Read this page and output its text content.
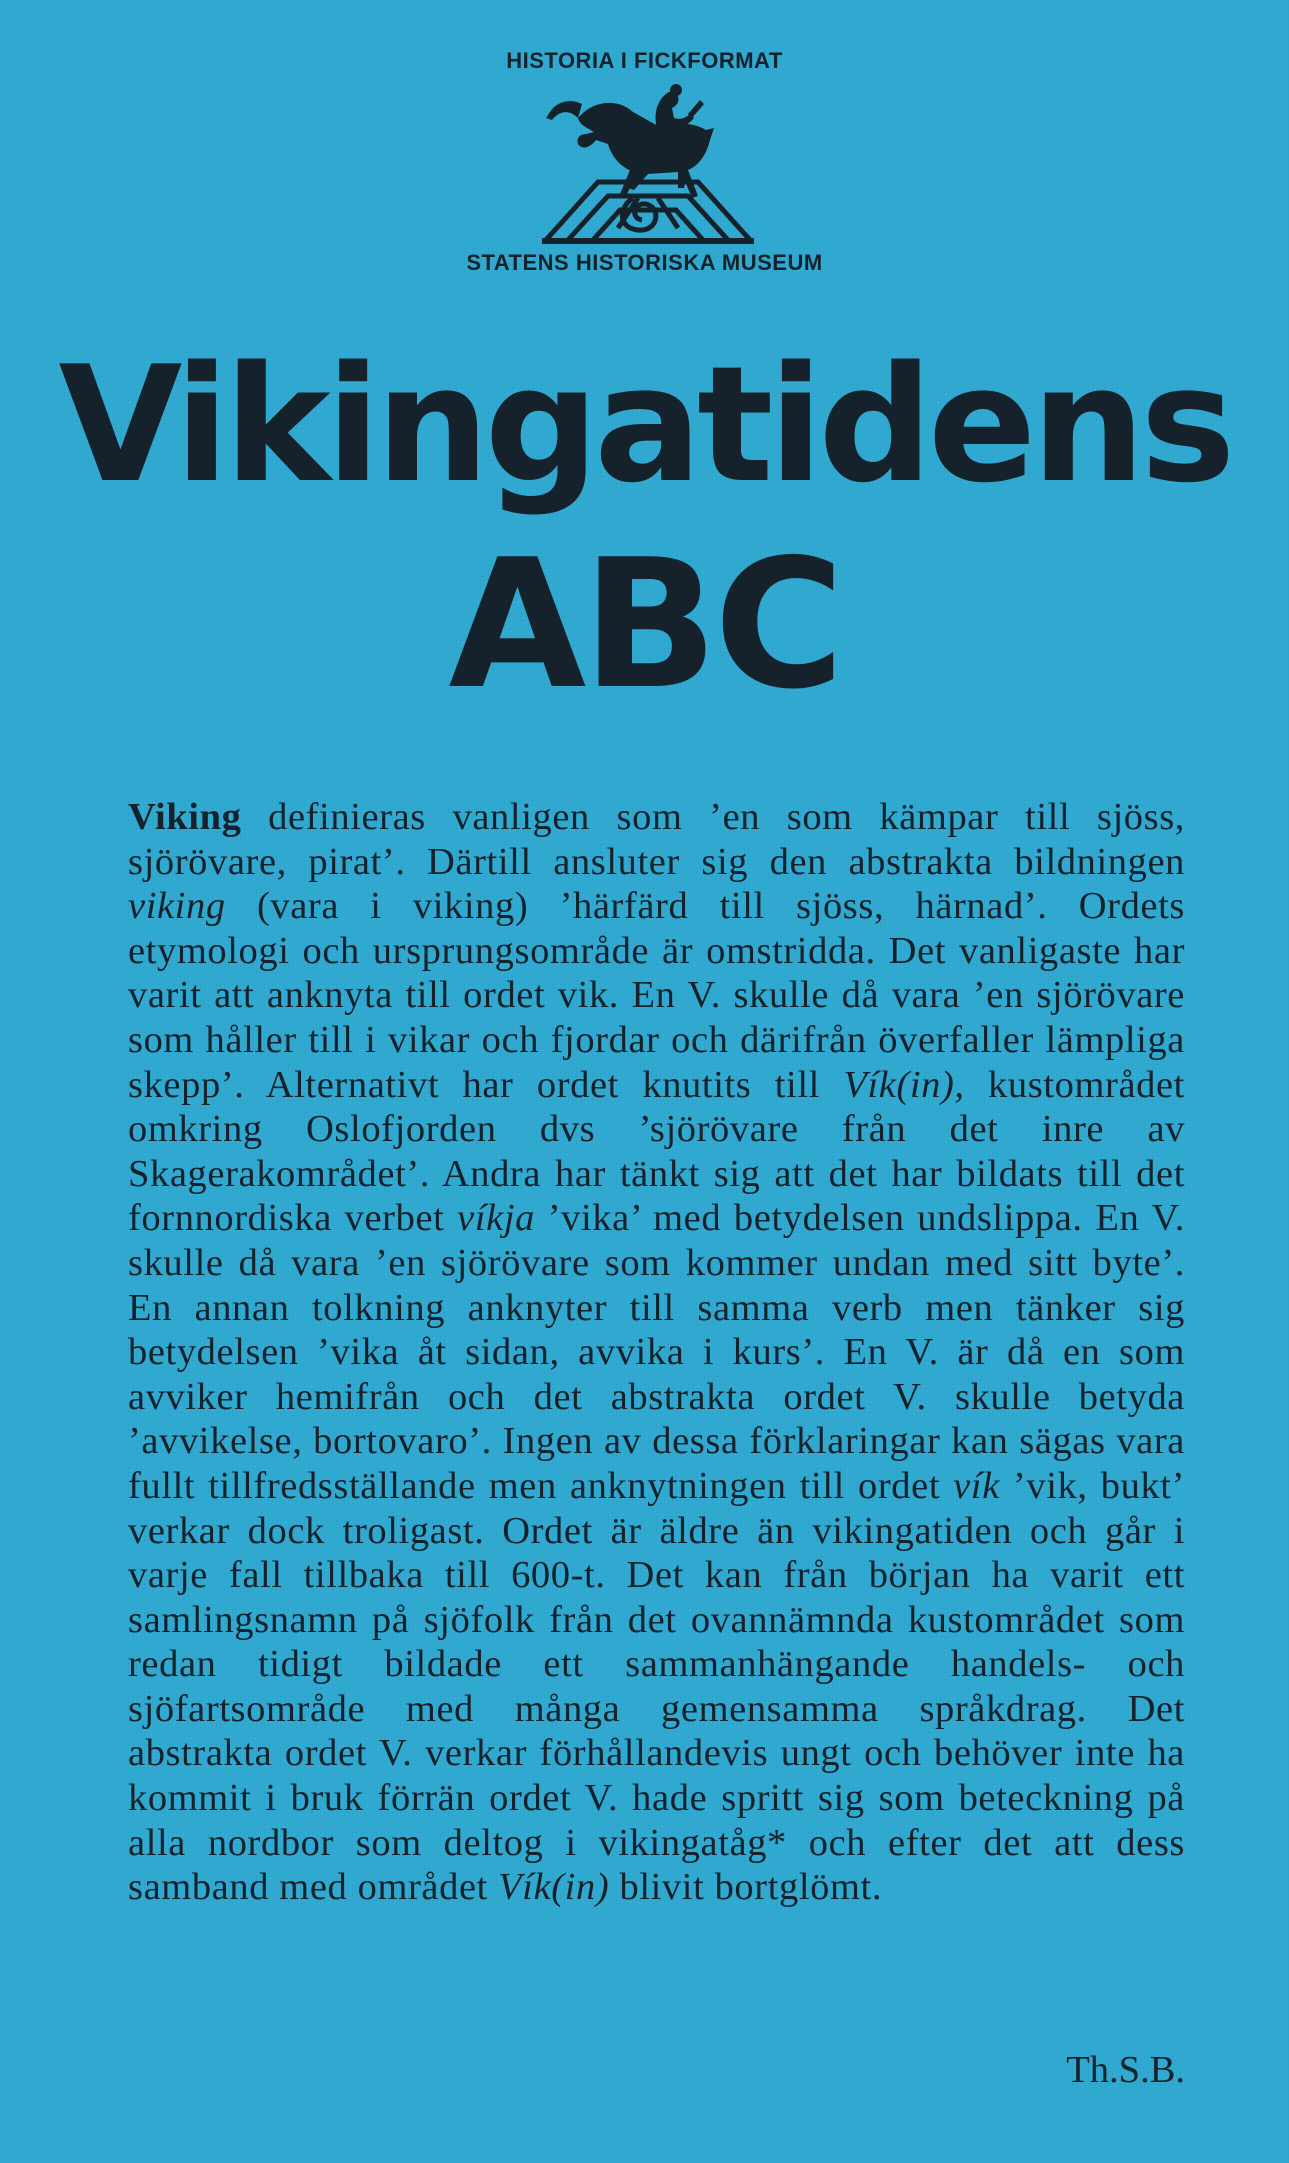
HISTORIA I FICKFORMAT
STATENS HISTORISKA MUSEUM
Vikingatidens
ABC
Viking definieras vanligen som ’en som kämpar till sjöss, sjörövare, pirat’. Därtill ansluter sig den abstrakta bildningen viking (vara i viking) ’härfärd till sjöss, härnad’. Ordets etymologi och ursprungsområde är omstridda. Det vanligaste har varit att anknyta till ordet vik. En V. skulle då vara ’en sjörövare som håller till i vikar och fjordar och därifrån överfaller lämpliga skepp’. Alternativt har ordet knutits till Vík(in), kustområdet omkring Oslofjorden dvs ’sjörövare från det inre av Skagerakområdet’. Andra har tänkt sig att det har bildats till det fornnordiska verbet víkja ’vika’ med betydelsen undslippa. En V. skulle då vara ’en sjörövare som kommer undan med sitt byte’. En annan tolkning anknyter till samma verb men tänker sig betydelsen ’vika åt sidan, avvika i kurs’. En V. är då en som avviker hemifrån och det abstrakta ordet V. skulle betyda ’avvikelse, bortovaro’. Ingen av dessa förklaringar kan sägas vara fullt tillfredsställande men anknytningen till ordet vík ’vik, bukt’ verkar dock troligast. Ordet är äldre än vikingatiden och går i varje fall tillbaka till 600-t. Det kan från början ha varit ett samlingsnamn på sjöfolk från det ovannämnda kustområdet som redan tidigt bildade ett sammanhängande handels- och sjöfartsområde med många gemensamma språkdrag. Det abstrakta ordet V. verkar förhållandevis ungt och behöver inte ha kommit i bruk förrän ordet V. hade spritt sig som beteckning på alla nordbor som deltog i vikingatåg* och efter det att dess samband med området Vík(in) blivit bortglömt.
Th.S.B.
